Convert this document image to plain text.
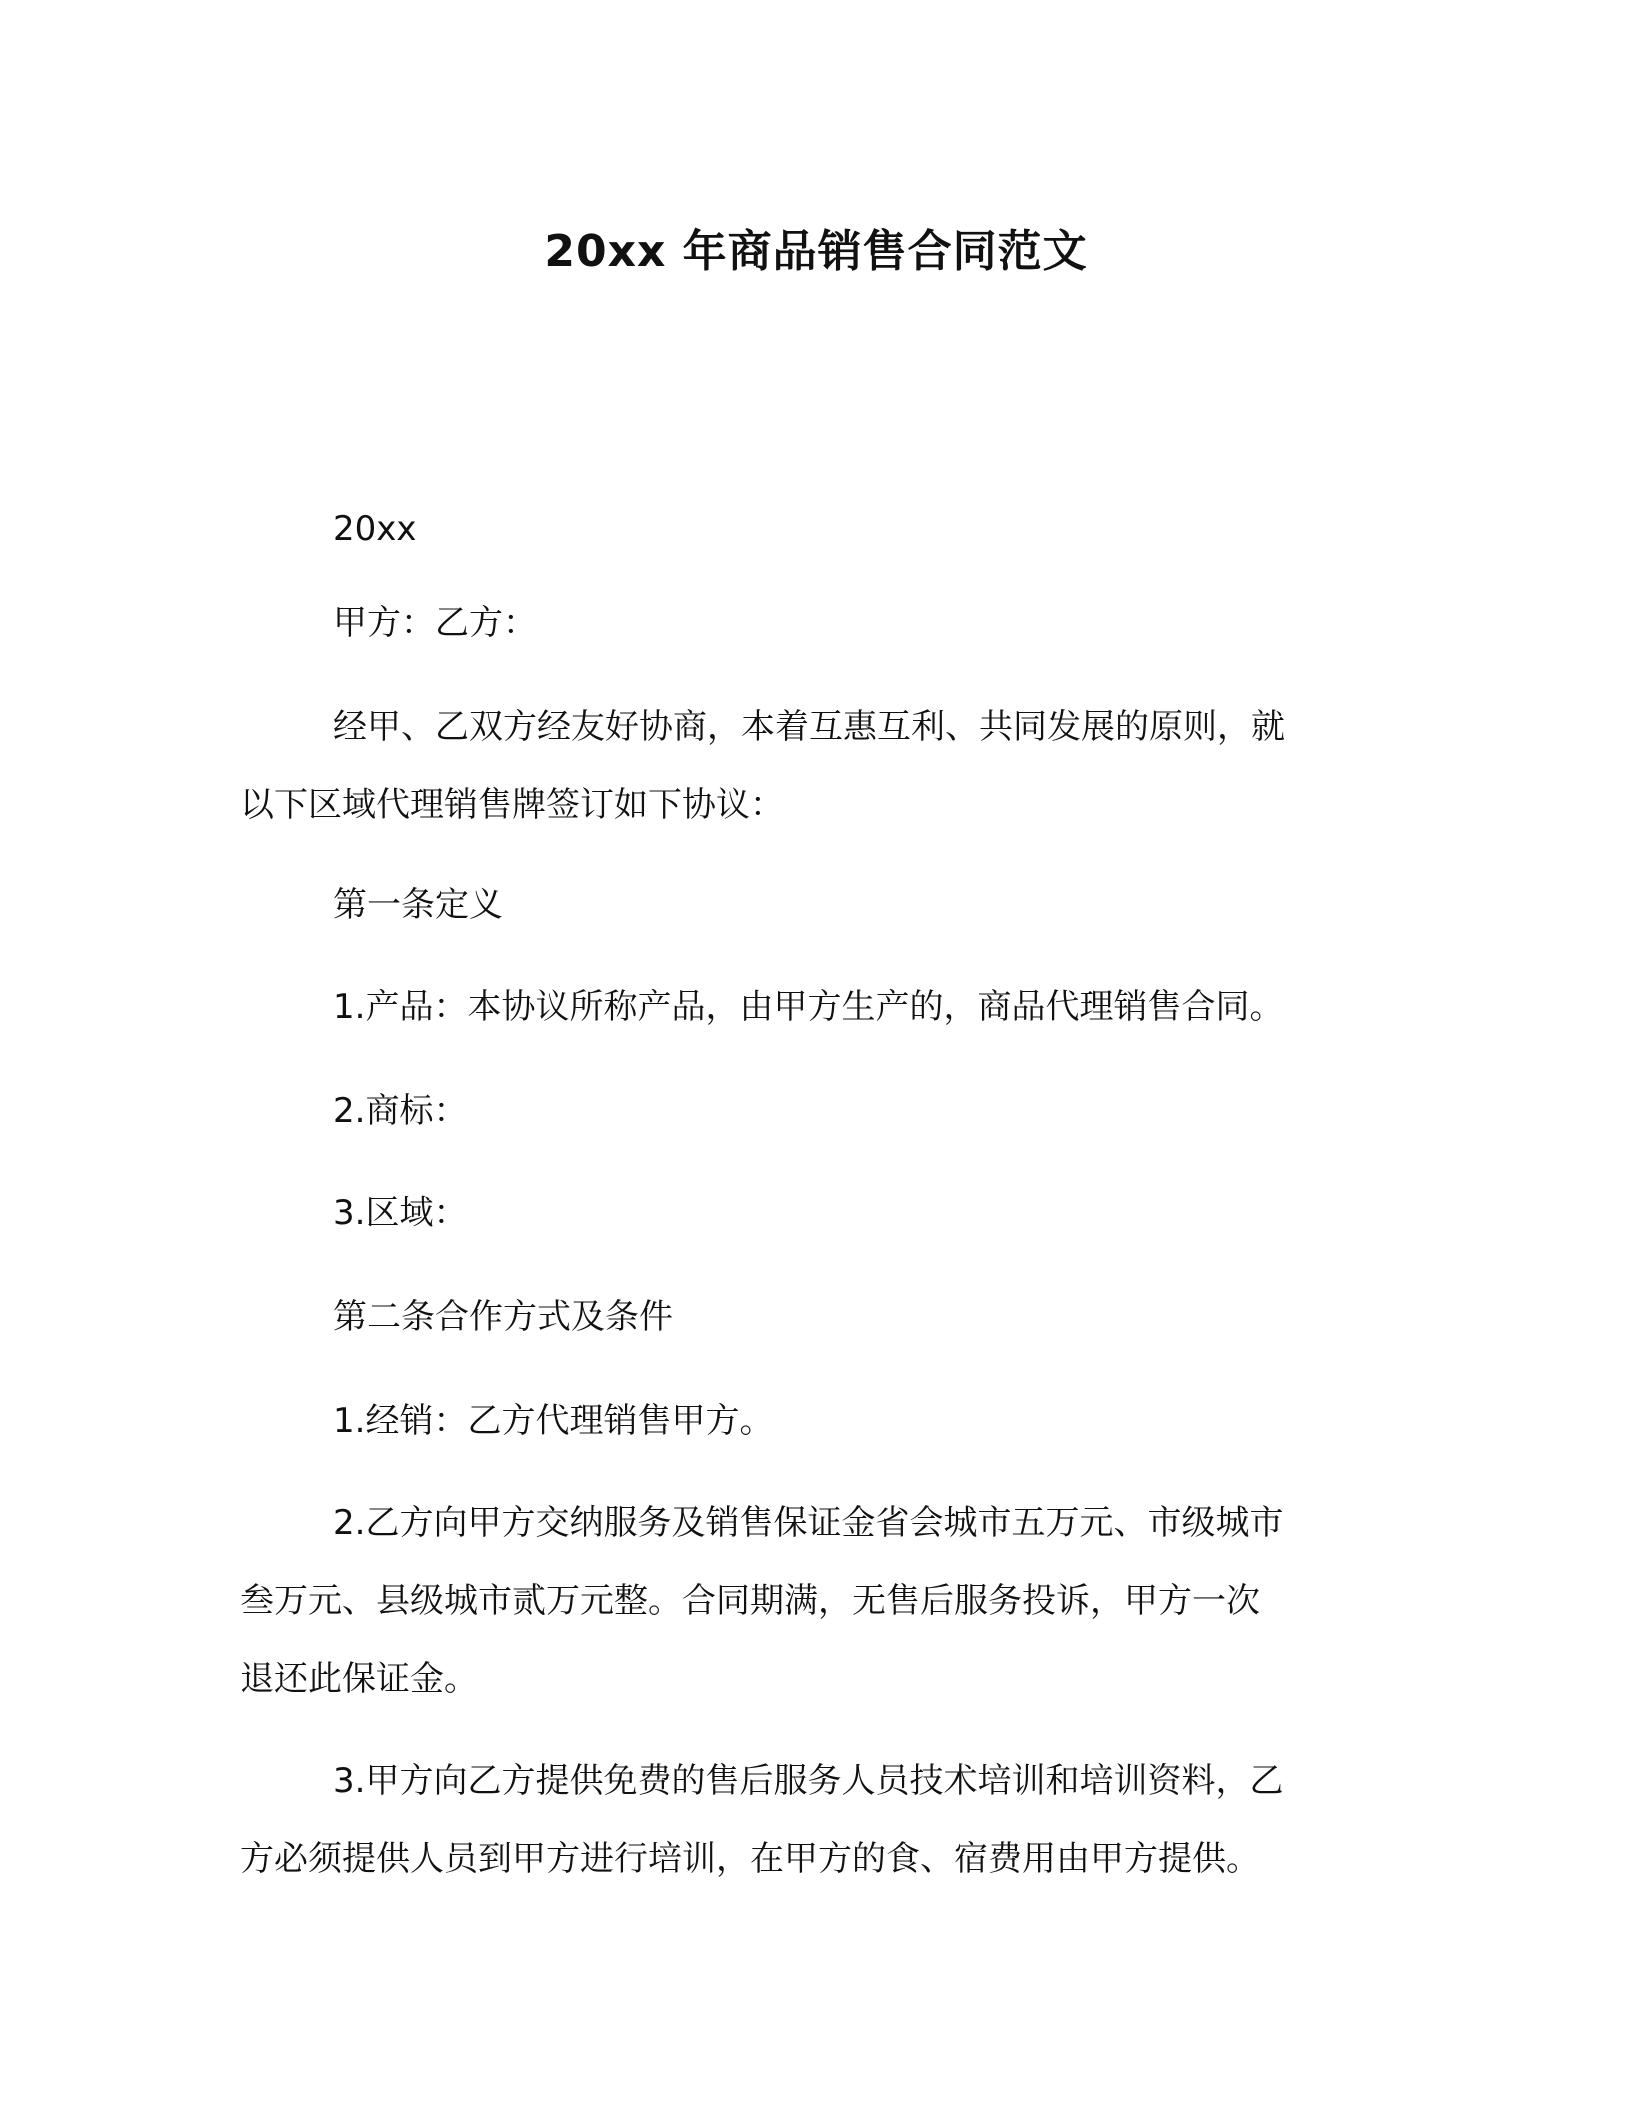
20xx 年商品销售合同范文
20xx
甲方：乙方：
经甲、乙双方经友好协商，本着互惠互利、共同发展的原则，就
以下区域代理销售牌签订如下协议：
第一条定义
1.产品：本协议所称产品，由甲方生产的，商品代理销售合同。
2.商标：
3.区域：
第二条合作方式及条件
1.经销：乙方代理销售甲方。
2.乙方向甲方交纳服务及销售保证金省会城市五万元、市级城市
叁万元、县级城市贰万元整。合同期满，无售后服务投诉，甲方一次
退还此保证金。
3.甲方向乙方提供免费的售后服务人员技术培训和培训资料，乙
方必须提供人员到甲方进行培训，在甲方的食、宿费用由甲方提供。
